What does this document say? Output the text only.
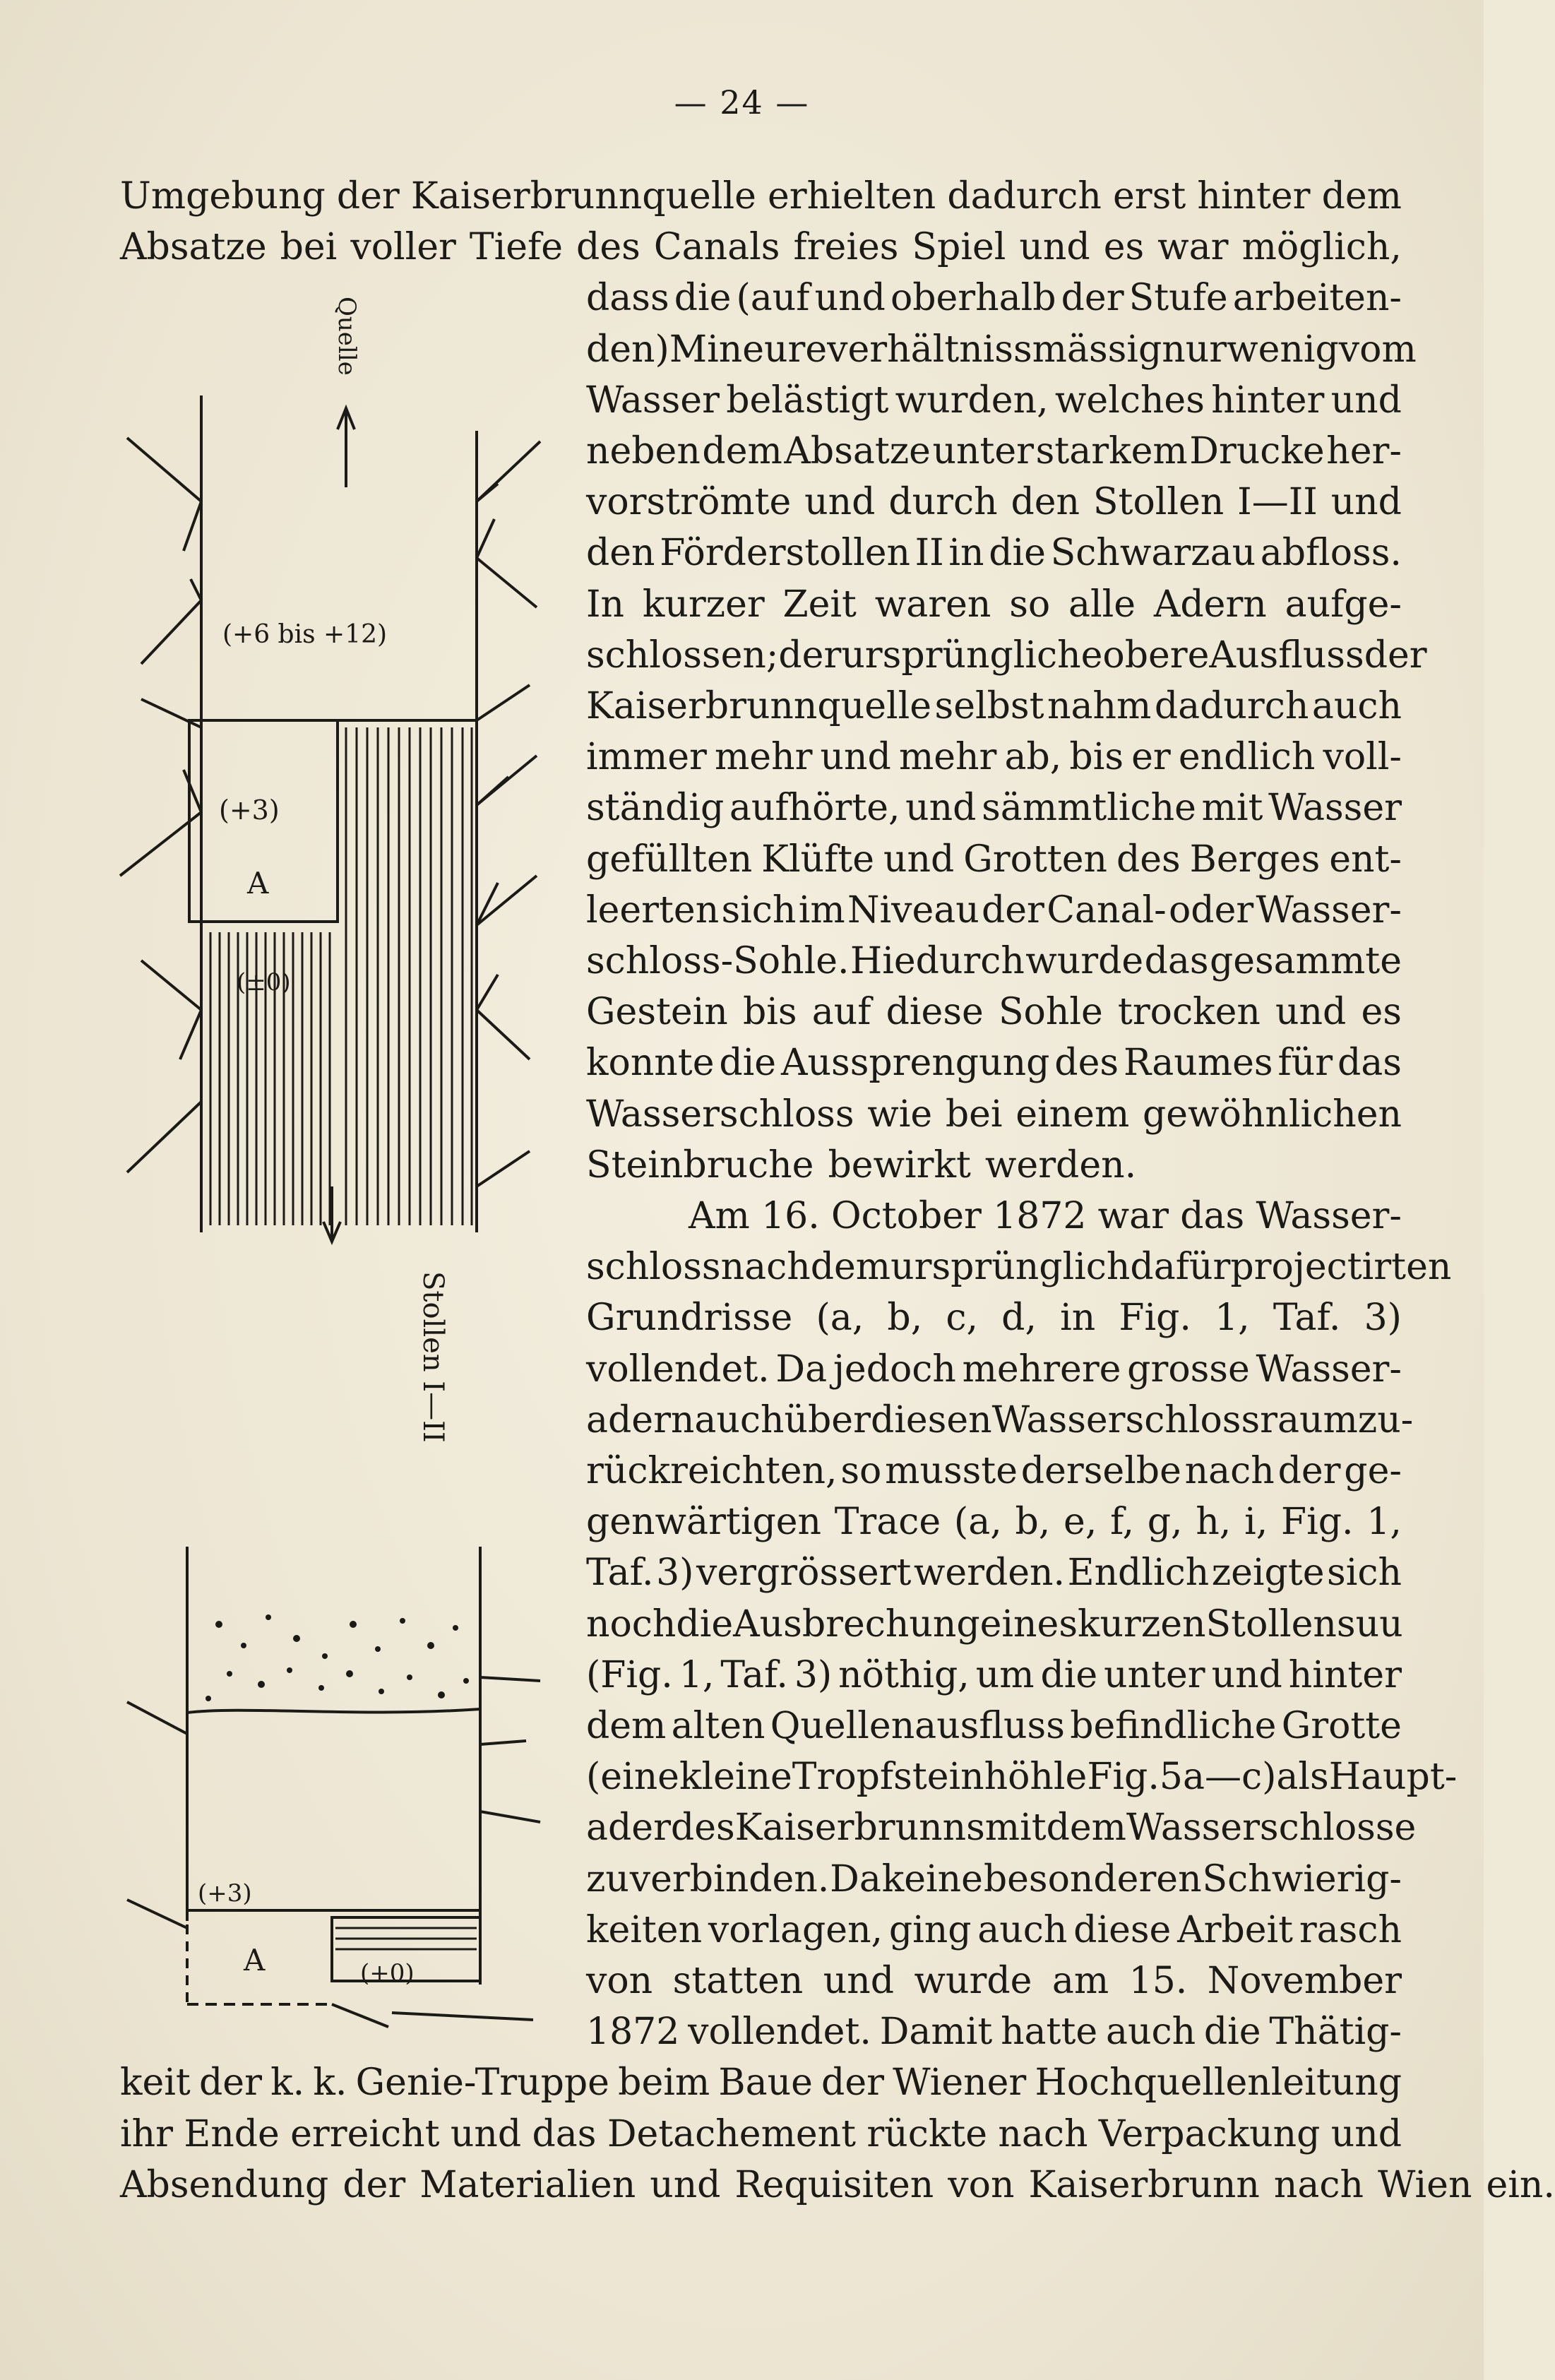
— 24 —
Umgebung der Kaiserbrunnquelle erhielten dadurch erst hinter dem
Absatze bei voller Tiefe des Canals freies Spiel und es war möglich,
dass die (auf und oberhalb der Stufe arbeiten-
den) Mineure verhältnissmässig nur wenig vom
Wasser belästigt wurden, welches hinter und
neben dem Absatze unter starkem Drucke her-
vorströmte und durch den Stollen I—II und
den Förderstollen II in die Schwarzau abfloss.
In kurzer Zeit waren so alle Adern aufge-
schlossen; der ursprüngliche obere Ausfluss der
Kaiserbrunnquelle selbst nahm dadurch auch
immer mehr und mehr ab, bis er endlich voll-
ständig aufhörte, und sämmtliche mit Wasser
gefüllten Klüfte und Grotten des Berges ent-
leerten sich im Niveau der Canal- oder Wasser-
schloss-Sohle. Hiedurch wurde das gesammte
Gestein bis auf diese Sohle trocken und es
konnte die Aussprengung des Raumes für das
Wasserschloss wie bei einem gewöhnlichen
Steinbruche bewirkt werden.
Am 16. October 1872 war das Wasser-
schloss nach dem ursprünglich dafür projectirten
Grundrisse (a, b, c, d, in Fig. 1, Taf. 3)
vollendet. Da jedoch mehrere grosse Wasser-
adern auch über diesen Wasserschlossraum zu-
rückreichten, so musste derselbe nach der ge-
genwärtigen Trace (a, b, e, f, g, h, i, Fig. 1,
Taf. 3) vergrössert werden. Endlich zeigte sich
noch die Ausbrechung eines kurzen Stollens uu
(Fig. 1, Taf. 3) nöthig, um die unter und hinter
dem alten Quellenausfluss befindliche Grotte
(eine kleine Tropfsteinhöhle Fig. 5a—c) als Haupt-
ader des Kaiserbrunns mit dem Wasserschlosse
zu verbinden. Da keine besonderen Schwierig-
keiten vorlagen, ging auch diese Arbeit rasch
von statten und wurde am 15. November
1872 vollendet. Damit hatte auch die Thätig-
keit der k. k. Genie-Truppe beim Baue der Wiener Hochquellenleitung
ihr Ende erreicht und das Detachement rückte nach Verpackung und
Absendung der Materialien und Requisiten von Kaiserbrunn nach Wien ein.
Quelle
(+6 bis +12)
(+3)
A
(±0)
Stollen I—II
(+3)
A	(+0)
